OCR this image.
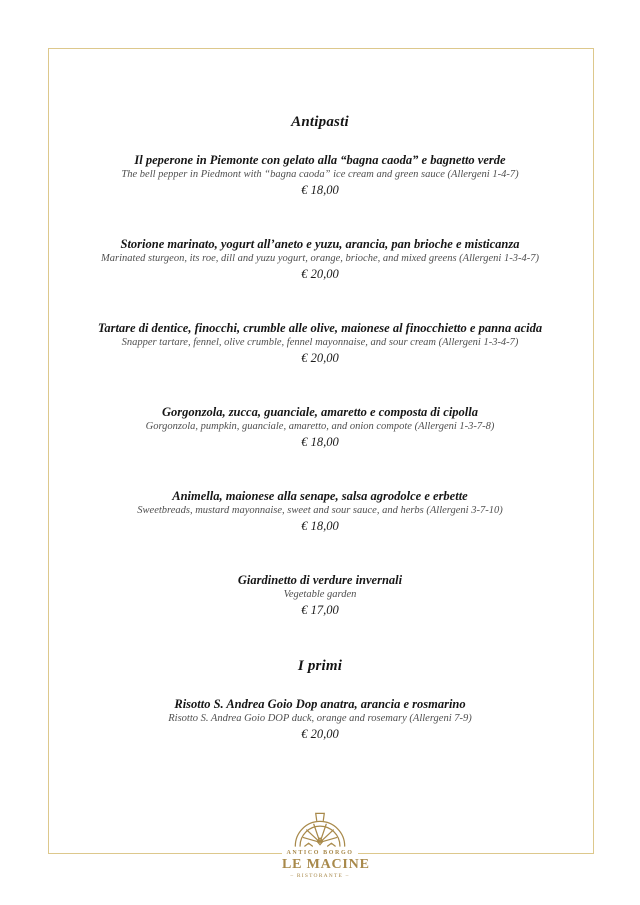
Antipasti
Il peperone in Piemonte con gelato alla “bagna caoda” e bagnetto verde
The bell pepper in Piedmont with “bagna caoda” ice cream and green sauce (Allergeni 1-4-7)
€ 18,00
Storione marinato, yogurt all’aneto e yuzu, arancia, pan brioche e misticanza
Marinated sturgeon, its roe, dill and yuzu yogurt, orange, brioche, and mixed greens (Allergeni 1-3-4-7)
€ 20,00
Tartare di dentice, finocchi, crumble alle olive, maionese al finocchietto e panna acida
Snapper tartare, fennel, olive crumble, fennel mayonnaise, and sour cream (Allergeni 1-3-4-7)
€ 20,00
Gorgonzola, zucca, guanciale, amaretto e composta di cipolla
Gorgonzola, pumpkin, guanciale, amaretto, and onion compote (Allergeni 1-3-7-8)
€ 18,00
Animella, maionese alla senape, salsa agrodolce e erbette
Sweetbreads, mustard mayonnaise, sweet and sour sauce, and herbs (Allergeni 3-7-10)
€ 18,00
Giardinetto di verdure invernali
Vegetable garden
€ 17,00
I primi
Risotto S. Andrea Goio Dop anatra, arancia e rosmarino
Risotto S. Andrea Goio DOP duck, orange and rosemary (Allergeni 7-9)
€ 20,00
ANTICO BORGO
LE MACINE
– RISTORANTE –
